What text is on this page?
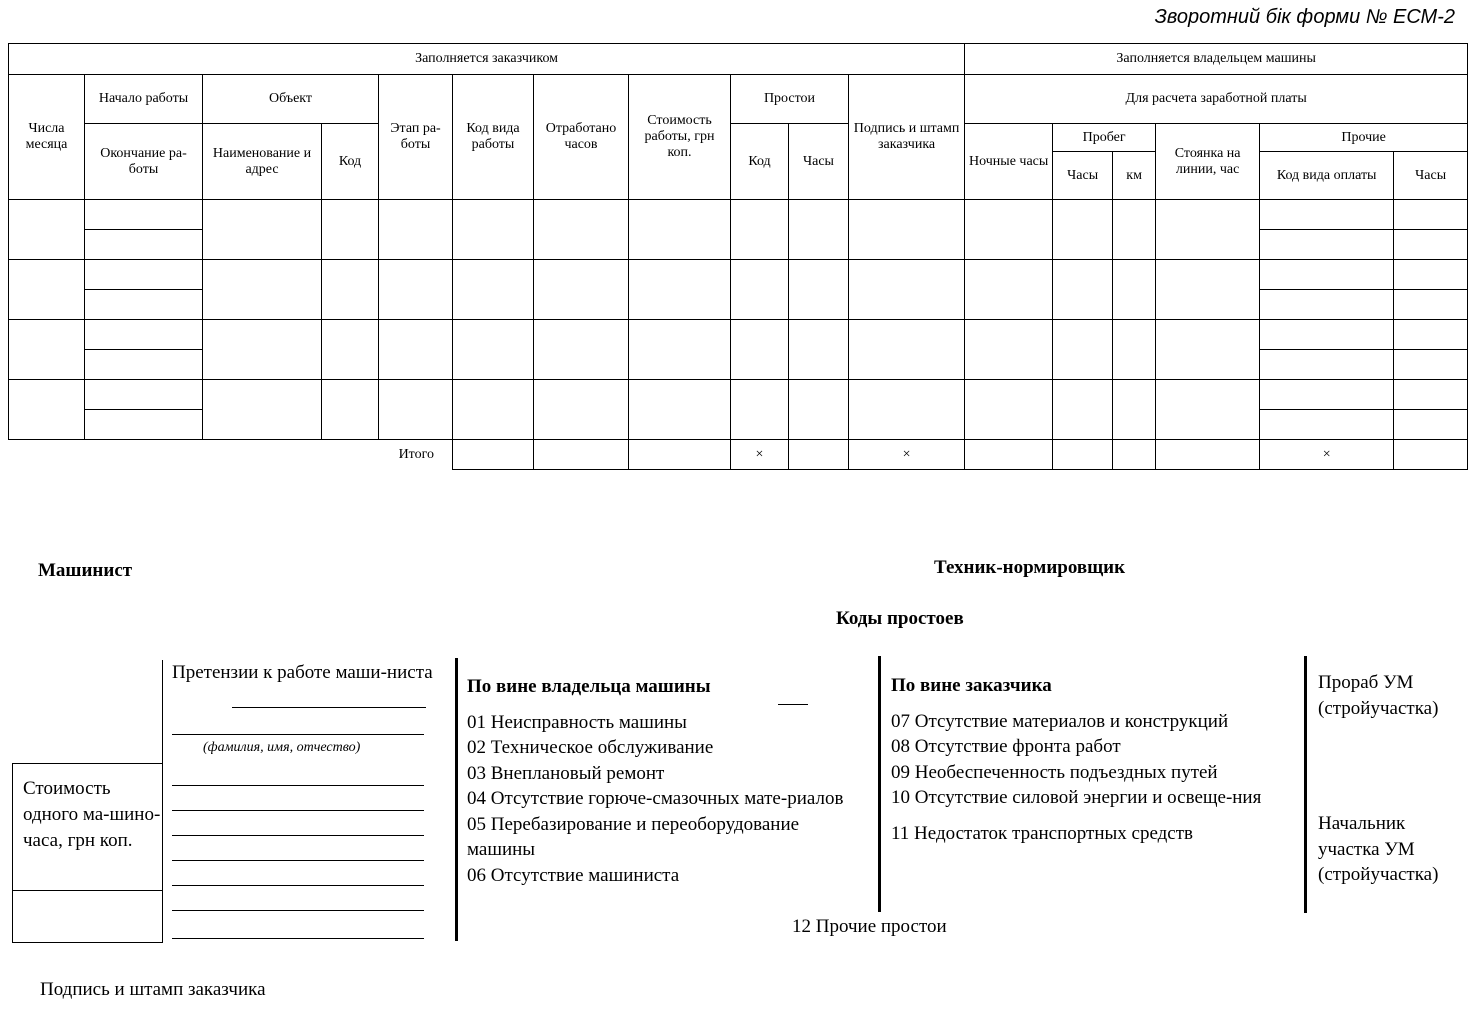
Зворотний бік форми № ЕСМ-2
Заполняется заказчиком											Заполняется владельцем машины					
Числа месяца	Начало работы	Объект		Этап ра-боты	Код вида работы	Отработано часов	Стоимость работы, грн коп.	Простои		Подпись и штамп заказчика	Для расчета заработной платы					
	Окончание ра-боты	Наименование и адрес	Код					Код	Часы		Ночные часы	Пробег		Стоянка на линии, час	Прочие	
												Часы	км		Код вида оплаты	Часы

Итого								×		×					×	
Машинист	Техник-нормировщик
Коды простоев
Претензии к работе маши-ниста
(фамилия, имя, отчество)
Стоимость одного ма-шино-часа, грн коп.
По вине владельца машины
01 Неисправность машины
02 Техническое обслуживание
03 Внеплановый ремонт
04 Отсутствие горюче-смазочных мате-риалов
05 Перебазирование и переоборудование машины
06 Отсутствие машиниста
По вине заказчика
07 Отсутствие материалов и конструкций
08 Отсутствие фронта работ
09 Необеспеченность подъездных путей
10 Отсутствие силовой энергии и освеще-ния
11 Недостаток транспортных средств
12 Прочие простои
Прораб УМ (стройучастка)
Начальник участка УМ (стройучастка)
Подпись и штамп заказчика
